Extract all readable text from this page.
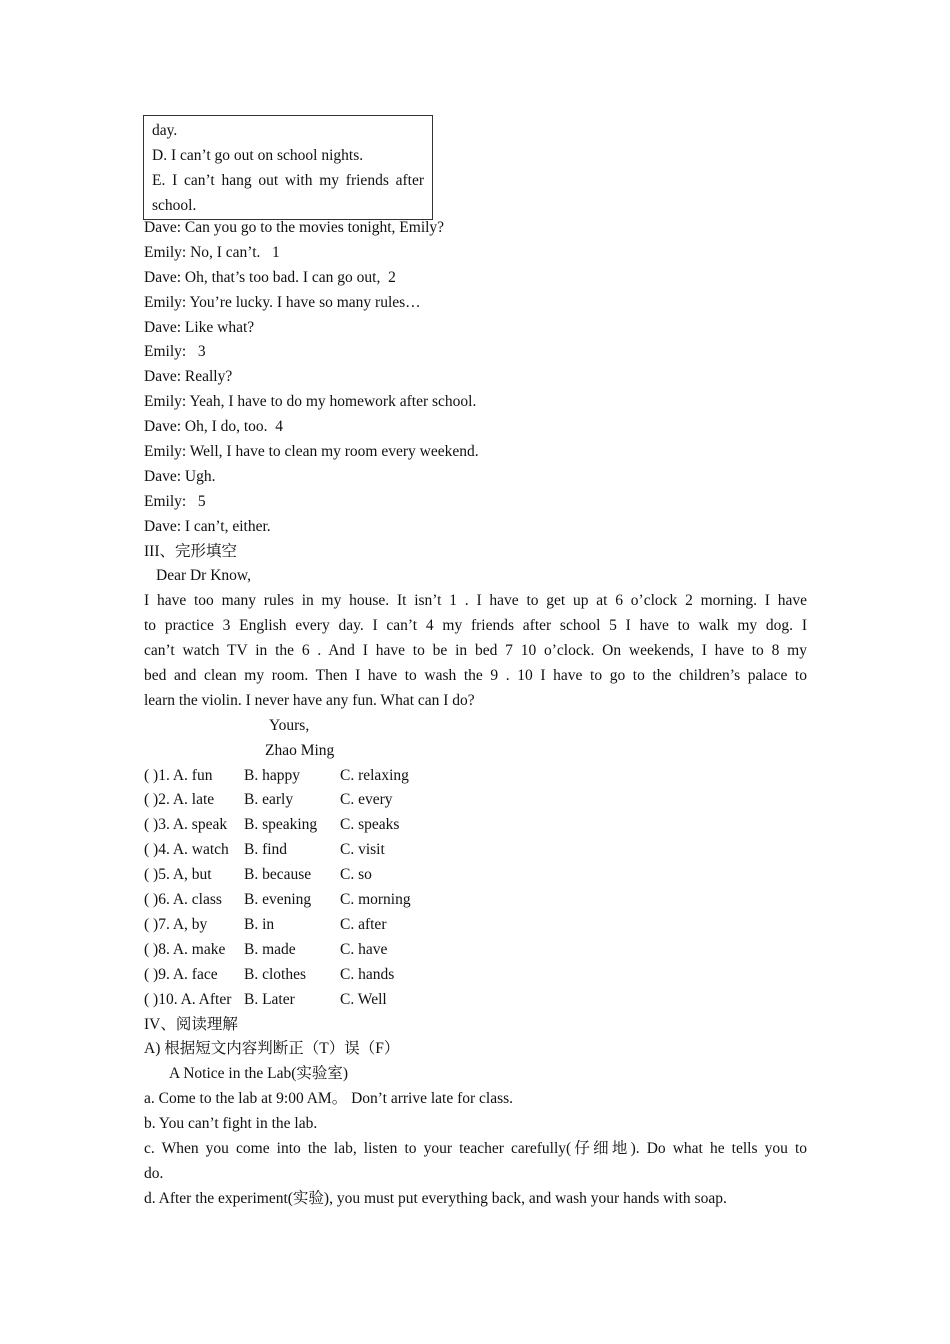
day.
D. I can’t go out on school nights.
E. I can’t hang out with my friends after
school.
Dave: Can you go to the movies tonight, Emily?
Emily: No, I can’t.   1
Dave: Oh, that’s too bad. I can go out,  2
Emily: You’re lucky. I have so many rules…
Dave: Like what?
Emily:   3
Dave: Really?
Emily: Yeah, I have to do my homework after school.
Dave: Oh, I do, too.  4
Emily: Well, I have to clean my room every weekend.
Dave: Ugh.
Emily:   5
Dave: I can’t, either.
III、完形填空
Dear Dr Know,
I have too many rules in my house. It isn’t 1 . I have to get up at 6 o’clock 2 morning. I have
to practice 3 English every day. I can’t 4 my friends after school 5 I have to walk my dog. I
can’t watch TV in the 6 . And I have to be in bed 7 10 o’clock. On weekends, I have to 8 my
bed and clean my room. Then I have to wash the 9 . 10 I have to go to the children’s palace to
learn the violin. I never have any fun. What can I do?
Yours,
Zhao Ming
( )1. A. fun B. happy	C. relaxing
( )2. A. late B. early	C. every
( )3. A. speak B. speaking C. speaks
( )4. A. watch B. find	C. visit
( )5. A, but B. because C. so
( )6. A. class B. evening C. morning
( )7. A, by B. in	C. after
( )8. A. make B. made	C. have
( )9. A. face B. clothes C. hands
( )10. A. After B. Later	C. Well
IV、阅读理解
A) 根据短文内容判断正（T）误（F）
A Notice in the Lab(实验室)
a. Come to the lab at 9:00 AM。 Don’t arrive late for class.
b. You can’t fight in the lab.
c. When you come into the lab, listen to your teacher carefully(仔细地). Do what he tells you to
do.
d. After the experiment(实验), you must put everything back, and wash your hands with soap.
